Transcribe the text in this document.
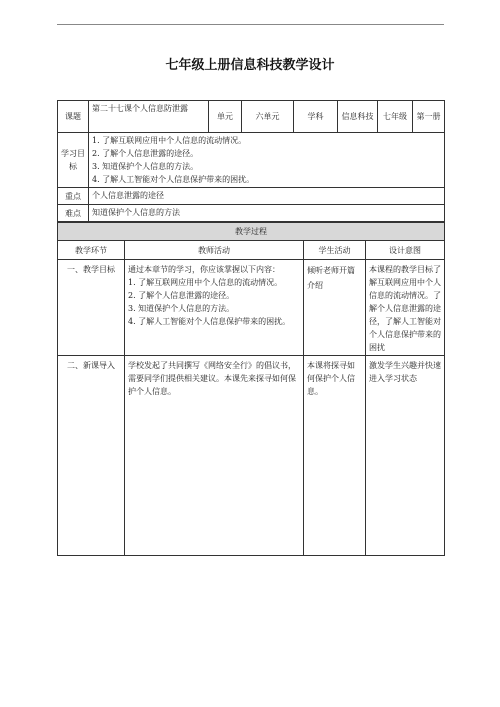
七年级上册信息科技教学设计
课题	第二十七课个人信息防泄露	单元	六单元	学科	信息科技	七年级	第一册
学习目标	1. 了解互联网应用中个人信息的流动情况。
2. 了解个人信息泄露的途径。
3. 知道保护个人信息的方法。
4. 了解人工智能对个人信息保护带来的困扰。						

重点	个人信息泄露的途径						
难点	知道保护个人信息的方法						
教学过程			
教学环节	教师活动	学生活动	设计意图
一、教学目标	通过本章节的学习，你应该掌握以下内容：
1. 了解互联网应用中个人信息的流动情况。
2. 了解个人信息泄露的途径。
3. 知道保护个人信息的方法。
4. 了解人工智能对个人信息保护带来的困扰。	倾听老师开篇介绍	本课程的教学目标了解互联网应用中个人信息的流动情况。了解个人信息泄露的途径，了解人工智能对个人信息保护带来的困扰
二、新课导入	学校发起了共同撰写《网络安全行》的倡议书，需要同学们提供相关建议。本课先来探寻如何保护个人信息。	本课将探寻如何保护个人信息。	激发学生兴趣并快速进入学习状态
